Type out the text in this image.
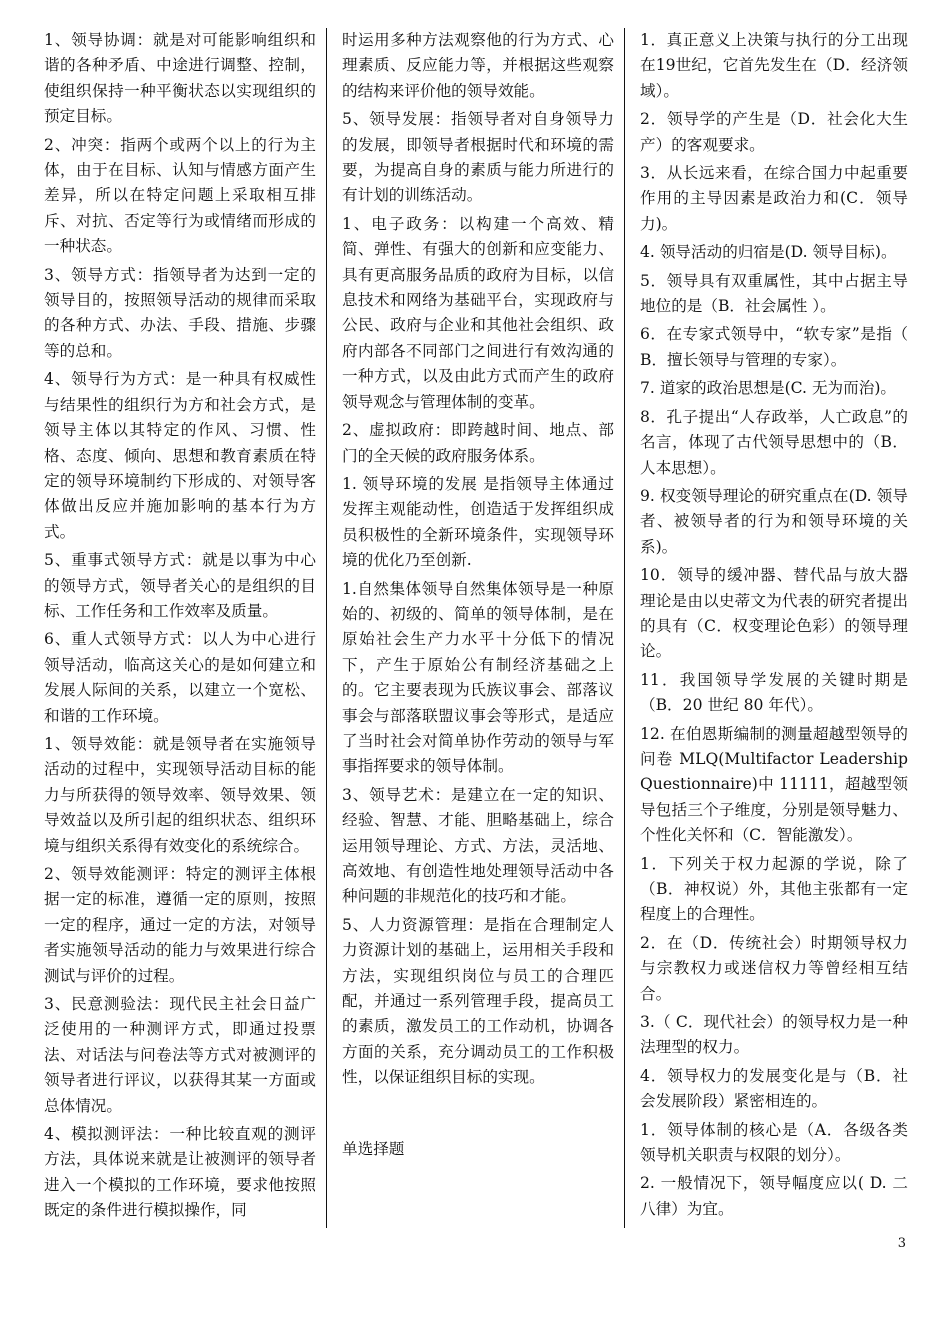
1、领导协调：就是对可能影响组织和谐的各种矛盾、中途进行调整、控制，使组织保持一种平衡状态以实现组织的预定目标。

2、冲突：指两个或两个以上的行为主体，由于在目标、认知与情感方面产生差异，所以在特定问题上采取相互排斥、对抗、否定等行为或情绪而形成的一种状态。

3、领导方式：指领导者为达到一定的领导目的，按照领导活动的规律而采取的各种方式、办法、手段、措施、步骤等的总和。

4、领导行为方式：是一种具有权威性与结果性的组织行为方和社会方式，是领导主体以其特定的作风、习惯、性格、态度、倾向、思想和教育素质在特定的领导环境制约下形成的、对领导客体做出反应并施加影响的基本行为方式。

5、重事式领导方式：就是以事为中心的领导方式，领导者关心的是组织的目标、工作任务和工作效率及质量。

6、重人式领导方式：以人为中心进行领导活动，临高这关心的是如何建立和发展人际间的关系，以建立一个宽松、和谐的工作环境。

1、领导效能：就是领导者在实施领导活动的过程中，实现领导活动目标的能力与所获得的领导效率、领导效果、领导效益以及所引起的组织状态、组织环境与组织关系得有效变化的系统综合。

2、领导效能测评：特定的测评主体根据一定的标准，遵循一定的原则，按照一定的程序，通过一定的方法，对领导者实施领导活动的能力与效果进行综合测试与评价的过程。

3、民意测验法：现代民主社会日益广泛使用的一种测评方式，即通过投票法、对话法与问卷法等方式对被测评的领导者进行评议，以获得其某一方面或总体情况。

4、模拟测评法：一种比较直观的测评方法，具体说来就是让被测评的领导者进入一个模拟的工作环境，要求他按照既定的条件进行模拟操作，同

时运用多种方法观察他的行为方式、心理素质、反应能力等，并根据这些观察的结构来评价他的领导效能。

5、领导发展：指领导者对自身领导力的发展，即领导者根据时代和环境的需要，为提高自身的素质与能力所进行的有计划的训练活动。

1、电子政务：以构建一个高效、精简、弹性、有强大的创新和应变能力、具有更高服务品质的政府为目标，以信息技术和网络为基础平台，实现政府与公民、政府与企业和其他社会组织、政府内部各不同部门之间进行有效沟通的一种方式，以及由此方式而产生的政府领导观念与管理体制的变革。

2、虚拟政府：即跨越时间、地点、部门的全天候的政府服务体系。

1. 领导环境的发展 是指领导主体通过发挥主观能动性，创造适于发挥组织成员积极性的全新环境条件，实现领导环境的优化乃至创新.

1.自然集体领导自然集体领导是一种原始的、初级的、简单的领导体制，是在原始社会生产力水平十分低下的情况下，产生于原始公有制经济基础之上的。它主要表现为氏族议事会、部落议事会与部落联盟议事会等形式，是适应了当时社会对简单协作劳动的领导与军事指挥要求的领导体制。

3、领导艺术：是建立在一定的知识、经验、智慧、才能、胆略基础上，综合运用领导理论、方式、方法，灵活地、高效地、有创造性地处理领导活动中各种问题的非规范化的技巧和才能。

5、人力资源管理：是指在合理制定人力资源计划的基础上，运用相关手段和方法，实现组织岗位与员工的合理匹配，并通过一系列管理手段，提高员工的素质，激发员工的工作动机，协调各方面的关系，充分调动员工的工作积极性，以保证组织目标的实现。

单选择题

1．真正意义上决策与执行的分工出现在19世纪，它首先发生在（D．经济领域）。

2．领导学的产生是（D．社会化大生产）的客观要求。

3．从长远来看，在综合国力中起重要作用的主导因素是政治力和(C．领导力)。

4. 领导活动的归宿是(D. 领导目标)。

5．领导具有双重属性，其中占据主导地位的是（B．社会属性 ）。

6．在专家式领导中，“软专家”是指（ B．擅长领导与管理的专家）。

7. 道家的政治思想是(C. 无为而治)。

8．孔子提出“人存政举，人亡政息”的名言，体现了古代领导思想中的（B．人本思想）。

9. 权变领导理论的研究重点在(D. 领导者、被领导者的行为和领导环境的关系)。

10．领导的缓冲器、替代品与放大器理论是由以史蒂文为代表的研究者提出的具有（C．权变理论色彩）的领导理论。

11．我国领导学发展的关键时期是（B．20 世纪 80 年代）。

12. 在伯恩斯编制的测量超越型领导的问卷 MLQ(Multifactor Leadership Questionnaire)中 11111，超越型领导包括三个子维度，分别是领导魅力、个性化关怀和（C．智能激发）。

1．下列关于权力起源的学说，除了（B．神权说）外，其他主张都有一定程度上的合理性。

2．在（D．传统社会）时期领导权力与宗教权力或迷信权力等曾经相互结合。

3.（ C．现代社会）的领导权力是一种法理型的权力。

4．领导权力的发展变化是与（B．社会发展阶段）紧密相连的。

1．领导体制的核心是（A．各级各类领导机关职责与权限的划分）。

2. 一般情况下，领导幅度应以( D. 二八律）为宜。

3
